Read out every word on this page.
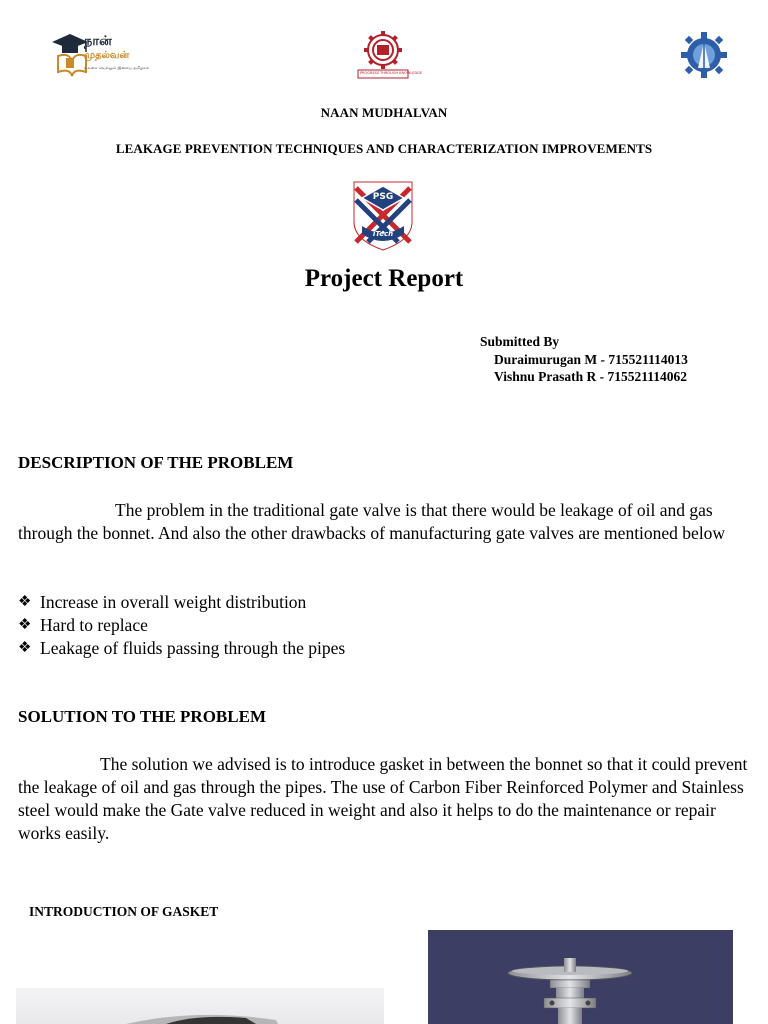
நான்
முதல்வன்
உலகை வெல்லும் இளைய தமிழகம்
PROGRESS THROUGH KNOWLEDGE
NAAN MUDHALVAN
LEAKAGE PREVENTION TECHNIQUES AND CHARACTERIZATION IMPROVEMENTS
PSG
iTech
Project Report
Submitted By
Duraimurugan M - 715521114013
Vishnu Prasath R - 715521114062
DESCRIPTION OF THE PROBLEM
The problem in the traditional gate valve is that there would be leakage of oil and gas through the bonnet. And also the other drawbacks of manufacturing gate valves are mentioned below
❖ Increase in overall weight distribution
❖ Hard to replace
❖ Leakage of fluids passing through the pipes
SOLUTION TO THE PROBLEM
The solution we advised is to introduce gasket in between the bonnet so that it could prevent the leakage of oil and gas through the pipes. The use of Carbon Fiber Reinforced Polymer and Stainless steel would make the Gate valve reduced in weight and also it helps to do the maintenance or repair works easily.
INTRODUCTION OF GASKET
